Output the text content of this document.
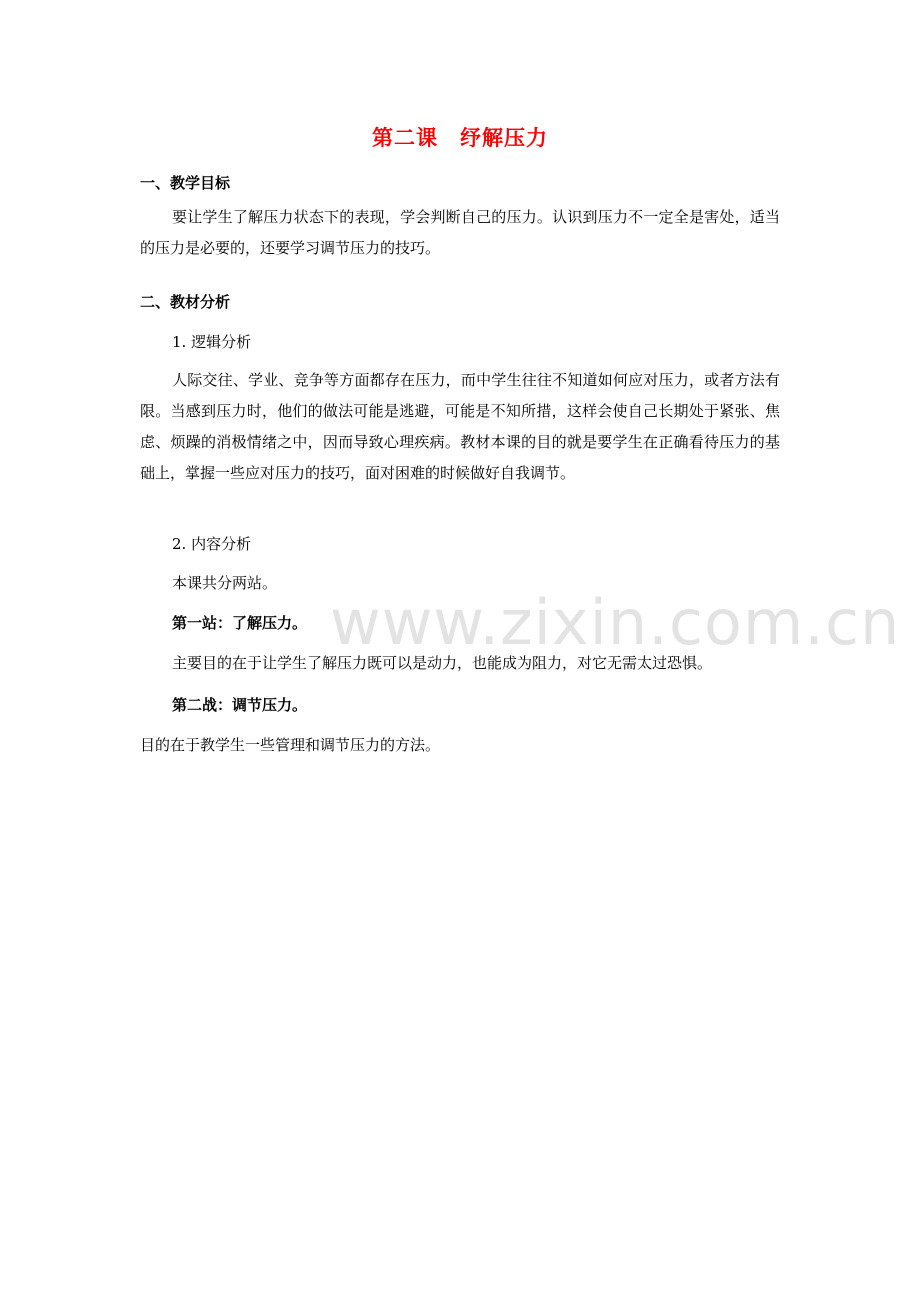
www.zixin.com.cn
第二课　纾解压力
一、教学目标
要让学生了解压力状态下的表现，学会判断自己的压力。认识到压力不一定全是害处，适当的压力是必要的，还要学习调节压力的技巧。
二、教材分析
1. 逻辑分析
人际交往、学业、竞争等方面都存在压力，而中学生往往不知道如何应对压力，或者方法有限。当感到压力时，他们的做法可能是逃避，可能是不知所措，这样会使自己长期处于紧张、焦虑、烦躁的消极情绪之中，因而导致心理疾病。教材本课的目的就是要学生在正确看待压力的基础上，掌握一些应对压力的技巧，面对困难的时候做好自我调节。
2. 内容分析
本课共分两站。
第一站：了解压力。
主要目的在于让学生了解压力既可以是动力，也能成为阻力，对它无需太过恐惧。
第二战：调节压力。
目的在于教学生一些管理和调节压力的方法。
